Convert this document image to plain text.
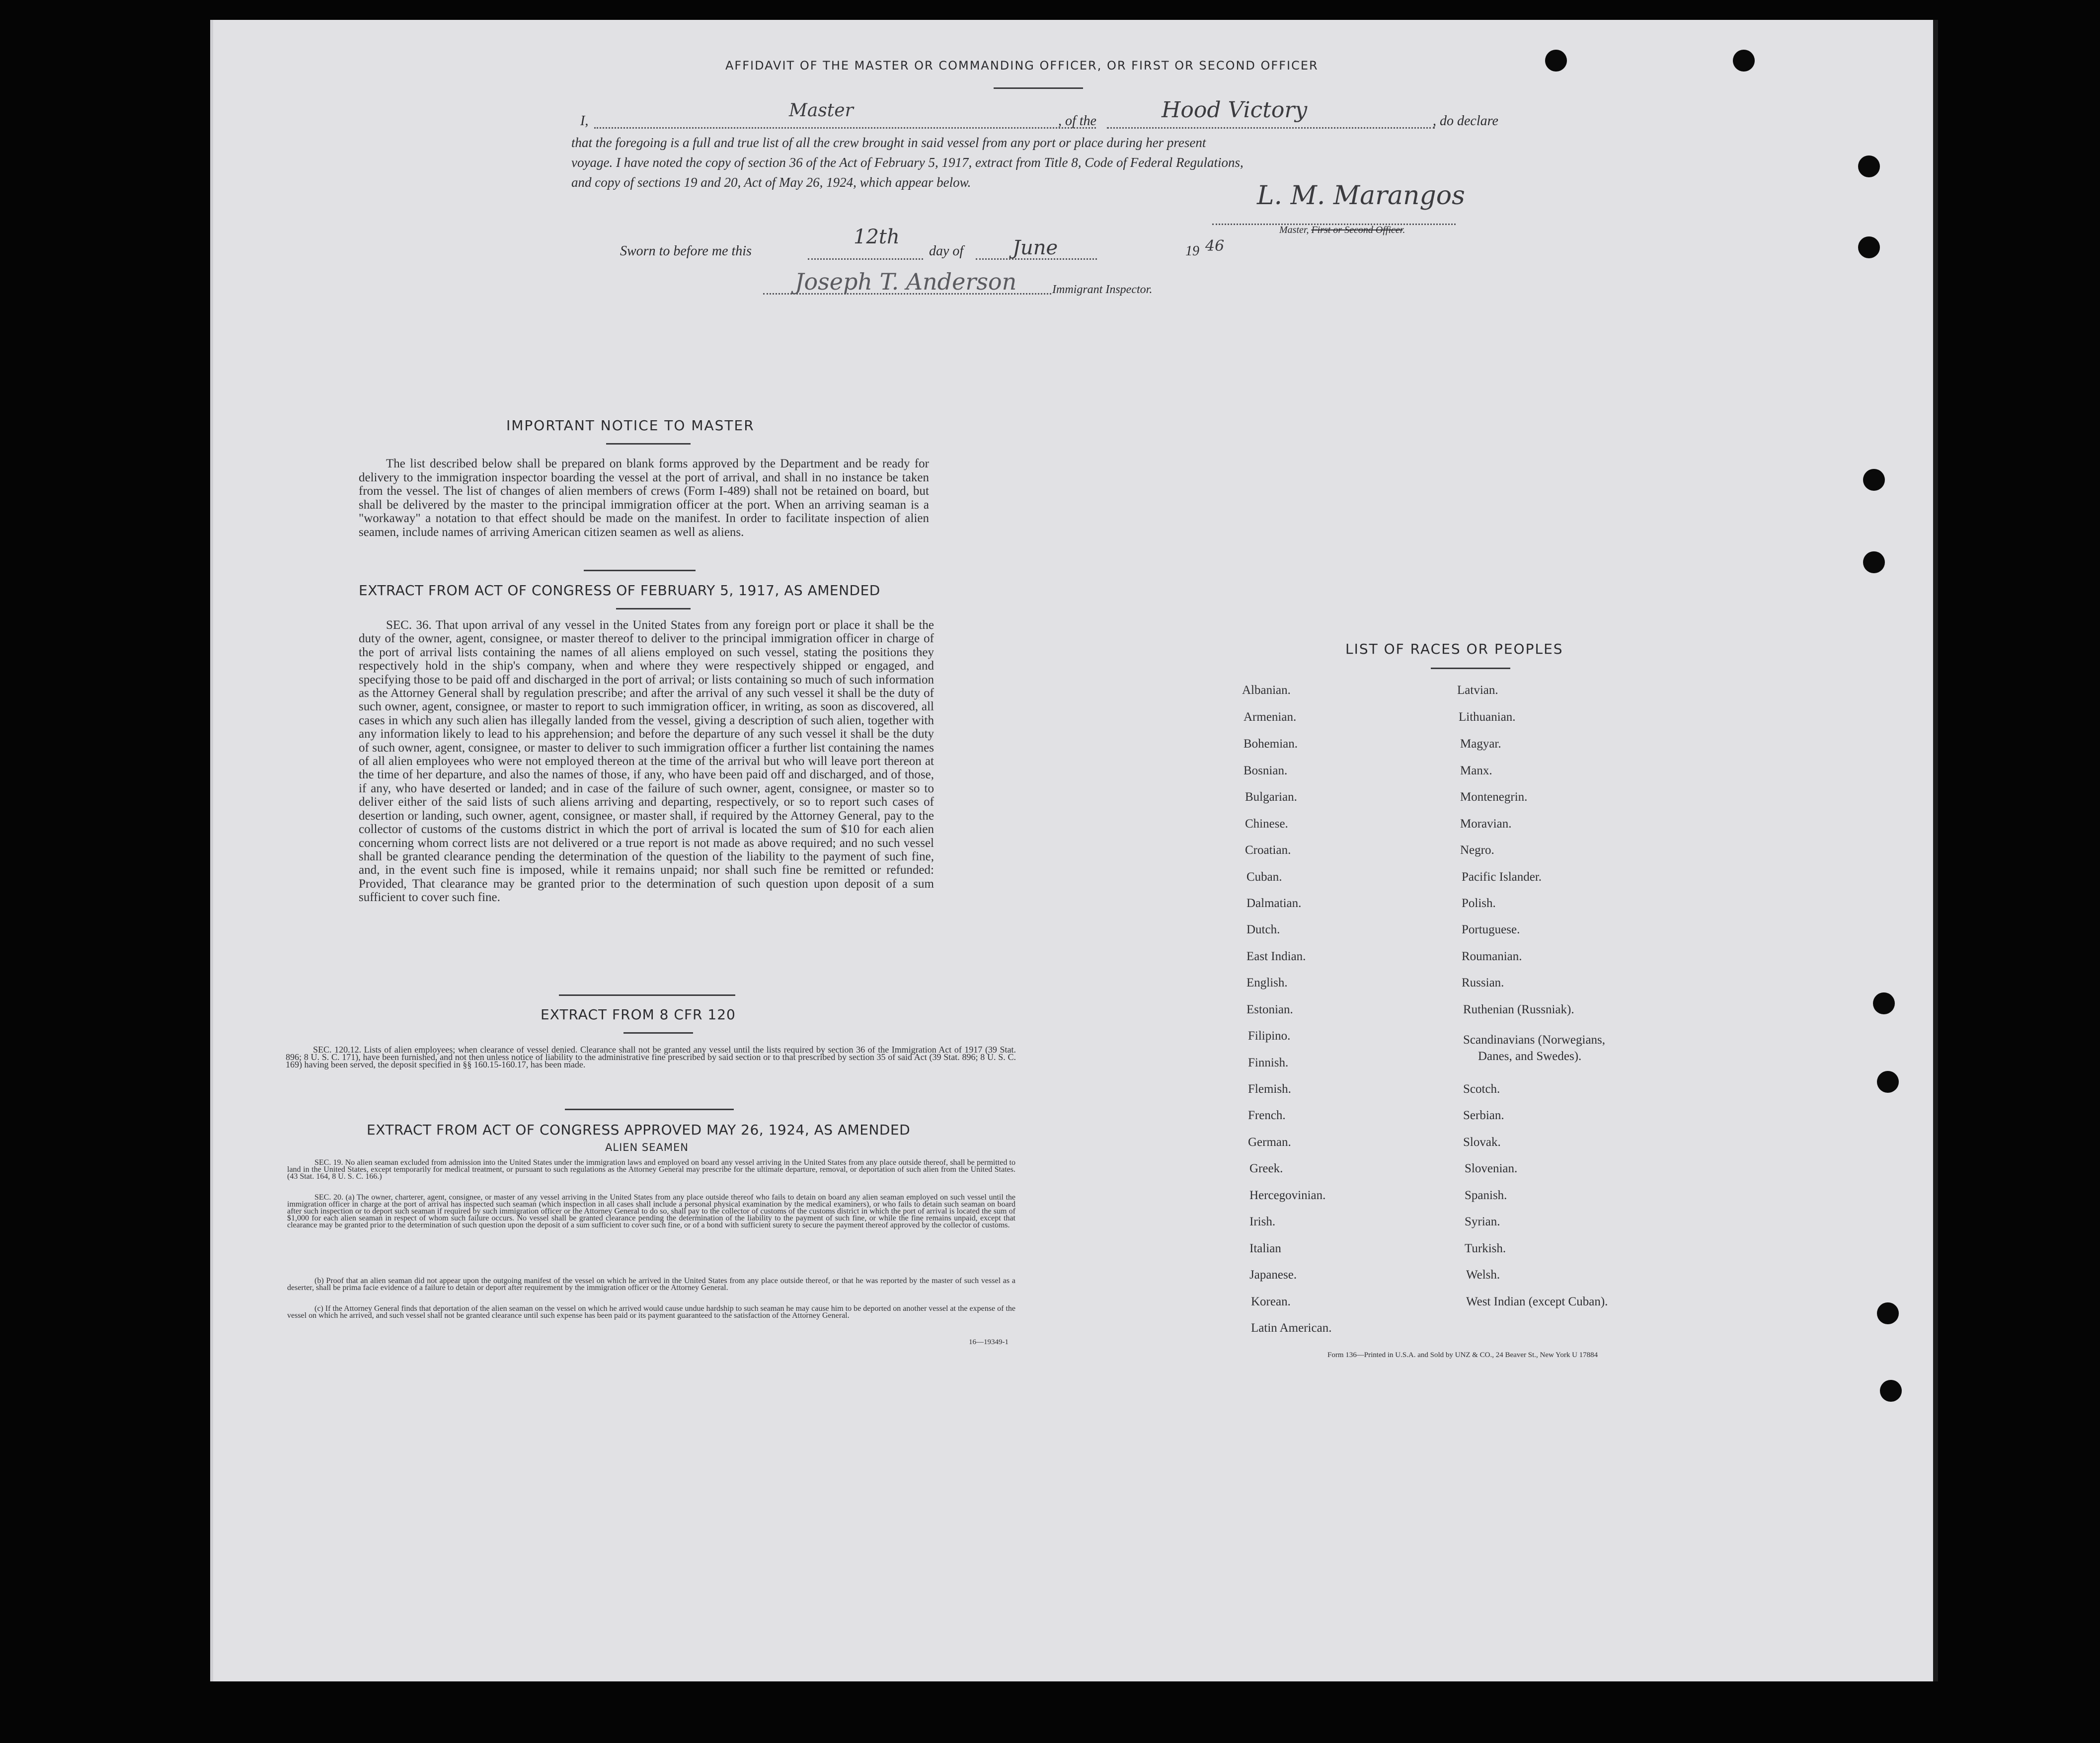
AFFIDAVIT OF THE MASTER OR COMMANDING OFFICER, OR FIRST OR SECOND OFFICER
I,
Master
, of the	Hood Victory	, do declare
that the foregoing is a full and true list of all the crew brought in said vessel from any port or place during her present
voyage. I have noted the copy of section 36 of the Act of February 5, 1917, extract from Title 8, Code of Federal Regulations,
and copy of sections 19 and 20, Act of May 26, 1924, which appear below.	L. M. Marangos
Master, First or Second Officer.
Sworn to before me this
12th
day of June	19 46
Joseph T. Anderson	Immigrant Inspector.
IMPORTANT NOTICE TO MASTER
The list described below shall be prepared on blank forms approved by the Department and be ready for delivery to the immigration inspector boarding the vessel at the port of arrival, and shall in no instance be taken from the vessel. The list of changes of alien members of crews (Form I-489) shall not be retained on board, but shall be delivered by the master to the principal immigration officer at the port. When an arriving seaman is a "workaway" a notation to that effect should be made on the manifest. In order to facilitate inspection of alien seamen, include names of arriving American citizen seamen as well as aliens.
EXTRACT FROM ACT OF CONGRESS OF FEBRUARY 5, 1917, AS AMENDED
SEC. 36. That upon arrival of any vessel in the United States from any foreign port or place it shall be the duty of the owner, agent, consignee, or master thereof to deliver to the principal immigration officer in charge of the port of arrival lists containing the names of all aliens employed on such vessel, stating the positions they respectively hold in the ship's company, when and where they were respectively shipped or engaged, and specifying those to be paid off and discharged in the port of arrival; or lists containing so much of such information as the Attorney General shall by regulation prescribe; and after the arrival of any such vessel it shall be the duty of such owner, agent, consignee, or master to report to such immigration officer, in writing, as soon as discovered, all cases in which any such alien has illegally landed from the vessel, giving a description of such alien, together with any information likely to lead to his apprehension; and before the departure of any such vessel it shall be the duty of such owner, agent, consignee, or master to deliver to such immigration officer a further list containing the names of all alien employees who were not employed thereon at the time of the arrival but who will leave port thereon at the time of her departure, and also the names of those, if any, who have been paid off and discharged, and of those, if any, who have deserted or landed; and in case of the failure of such owner, agent, consignee, or master so to deliver either of the said lists of such aliens arriving and departing, respectively, or so to report such cases of desertion or landing, such owner, agent, consignee, or master shall, if required by the Attorney General, pay to the collector of customs of the customs district in which the port of arrival is located the sum of $10 for each alien concerning whom correct lists are not delivered or a true report is not made as above required; and no such vessel shall be granted clearance pending the determination of the question of the liability to the payment of such fine, and, in the event such fine is imposed, while it remains unpaid; nor shall such fine be remitted or refunded: Provided, That clearance may be granted prior to the determination of such question upon deposit of a sum sufficient to cover such fine.
EXTRACT FROM 8 CFR 120
SEC. 120.12. Lists of alien employees; when clearance of vessel denied. Clearance shall not be granted any vessel until the lists required by section 36 of the Immigration Act of 1917 (39 Stat. 896; 8 U. S. C. 171), have been furnished, and not then unless notice of liability to the administrative fine prescribed by said section or to that prescribed by section 35 of said Act (39 Stat. 896; 8 U. S. C. 169) having been served, the deposit specified in §§ 160.15-160.17, has been made.
EXTRACT FROM ACT OF CONGRESS APPROVED MAY 26, 1924, AS AMENDED
ALIEN SEAMEN
SEC. 19. No alien seaman excluded from admission into the United States under the immigration laws and employed on board any vessel arriving in the United States from any place outside thereof, shall be permitted to land in the United States, except temporarily for medical treatment, or pursuant to such regulations as the Attorney General may prescribe for the ultimate departure, removal, or deportation of such alien from the United States. (43 Stat. 164, 8 U. S. C. 166.)
SEC. 20. (a) The owner, charterer, agent, consignee, or master of any vessel arriving in the United States from any place outside thereof who fails to detain on board any alien seaman employed on such vessel until the immigration officer in charge at the port of arrival has inspected such seaman (which inspection in all cases shall include a personal physical examination by the medical examiners), or who fails to detain such seaman on board after such inspection or to deport such seaman if required by such immigration officer or the Attorney General to do so, shall pay to the collector of customs of the customs district in which the port of arrival is located the sum of $1,000 for each alien seaman in respect of whom such failure occurs. No vessel shall be granted clearance pending the determination of the liability to the payment of such fine, or while the fine remains unpaid, except that clearance may be granted prior to the determination of such question upon the deposit of a sum sufficient to cover such fine, or of a bond with sufficient surety to secure the payment thereof approved by the collector of customs.
(b) Proof that an alien seaman did not appear upon the outgoing manifest of the vessel on which he arrived in the United States from any place outside thereof, or that he was reported by the master of such vessel as a deserter, shall be prima facie evidence of a failure to detain or deport after requirement by the immigration officer or the Attorney General.
(c) If the Attorney General finds that deportation of the alien seaman on the vessel on which he arrived would cause undue hardship to such seaman he may cause him to be deported on another vessel at the expense of the vessel on which he arrived, and such vessel shall not be granted clearance until such expense has been paid or its payment guaranteed to the satisfaction of the Attorney General.
16—19349-1
LIST OF RACES OR PEOPLES
Albanian.
Armenian.
Bohemian.
Bosnian.
Bulgarian.
Chinese.
Croatian.
Cuban.
Dalmatian.
Dutch.
East Indian.
English.
Estonian.
Filipino.
Finnish.
Flemish.
French.
German.
Greek.
Hercegovinian.
Irish.
Italian
Japanese.
Korean.
Latin American.
Latvian.
Lithuanian.
Magyar.
Manx.
Montenegrin.
Moravian.
Negro.
Pacific Islander.
Polish.
Portuguese.
Roumanian.
Russian.
Ruthenian (Russniak).
Scandinavians (Norwegians,
Danes, and Swedes).
Scotch.
Serbian.
Slovak.
Slovenian.
Spanish.
Syrian.
Turkish.
Welsh.
West Indian (except Cuban).
Form 136—Printed in U.S.A. and Sold by UNZ & CO., 24 Beaver St., New York U 17884
